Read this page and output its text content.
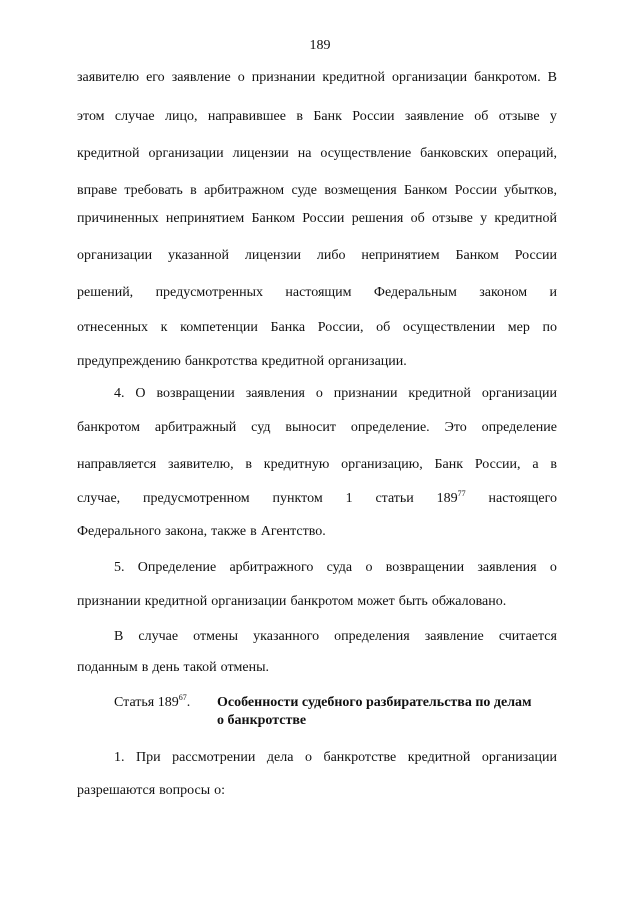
189
заявителю его заявление о признании кредитной организации банкротом. В
этом случае лицо, направившее в Банк России заявление об отзыве у
кредитной организации лицензии на осуществление банковских операций,
вправе требовать в арбитражном суде возмещения Банком России убытков,
причиненных непринятием Банком России решения об отзыве у кредитной
организации указанной лицензии либо непринятием Банком России
решений, предусмотренных настоящим Федеральным законом и
отнесенных к компетенции Банка России, об осуществлении мер по
предупреждению банкротства кредитной организации.
4. О возвращении заявления о признании кредитной организации
банкротом арбитражный суд выносит определение. Это определение
направляется заявителю, в кредитную организацию, Банк России, а в
случае, предусмотренном пунктом 1 статьи $189^{77}$ настоящего
Федерального закона, также в Агентство.
5. Определение арбитражного суда о возвращении заявления о
признании кредитной организации банкротом может быть обжаловано.
В случае отмены указанного определения заявление считается
поданным в день такой отмены.
1. При рассмотрении дела о банкротстве кредитной организации
разрешаются вопросы о:
Статья $189^{67}$. Особенности судебного разбирательства по делам
о банкротстве
